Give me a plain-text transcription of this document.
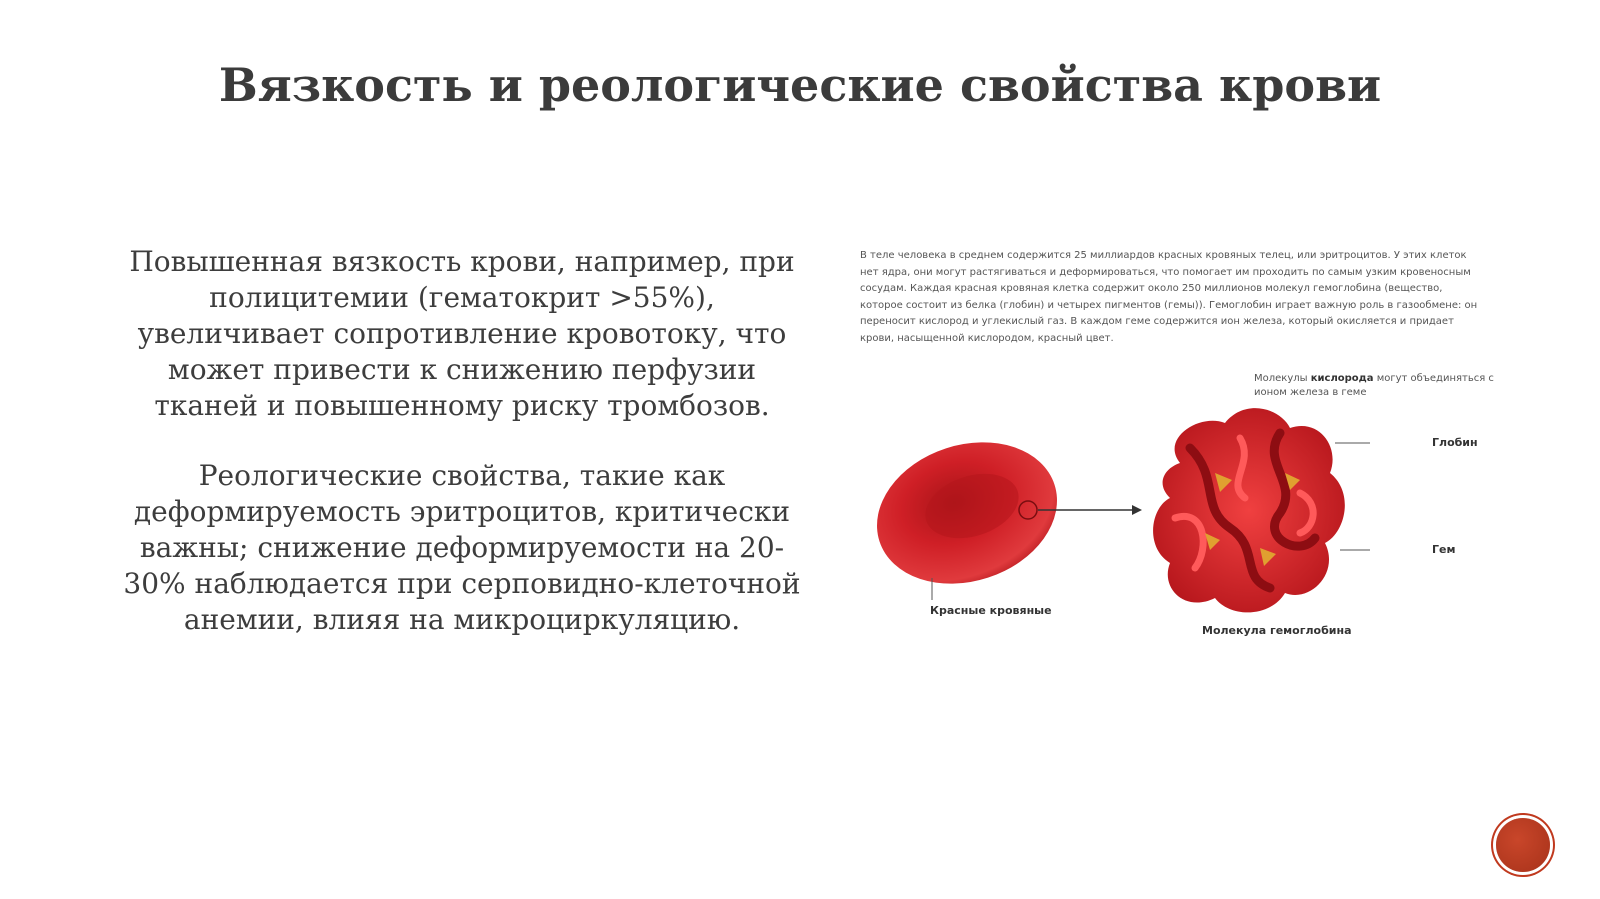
Вязкость и реологические свойства крови

Повышенная вязкость крови, например, при полицитемии (гематокрит >55%), увеличивает сопротивление кровотоку, что может привести к снижению перфузии тканей и повышенному риску тромбозов.

Реологические свойства, такие как деформируемость эритроцитов, критически важны; снижение деформируемости на 20-30% наблюдается при серповидно-клеточной анемии, влияя на микроциркуляцию.

В теле человека в среднем содержится 25 миллиардов красных кровяных телец, или эритроцитов. У этих клеток нет ядра, они могут растягиваться и деформироваться, что помогает им проходить по самым узким кровеносным сосудам. Каждая красная кровяная клетка содержит около 250 миллионов молекул гемоглобина (вещество, которое состоит из белка (глобин) и четырех пигментов (гемы)). Гемоглобин играет важную роль в газообмене: он переносит кислород и углекислый газ. В каждом геме содержится ион железа, который окисляется и придает крови, насыщенной кислородом, красный цвет.
Молекулы кислорода могут объединяться с ионом железа в геме
Глобин
Гем
Красные кровяные
Молекула гемоглобина
